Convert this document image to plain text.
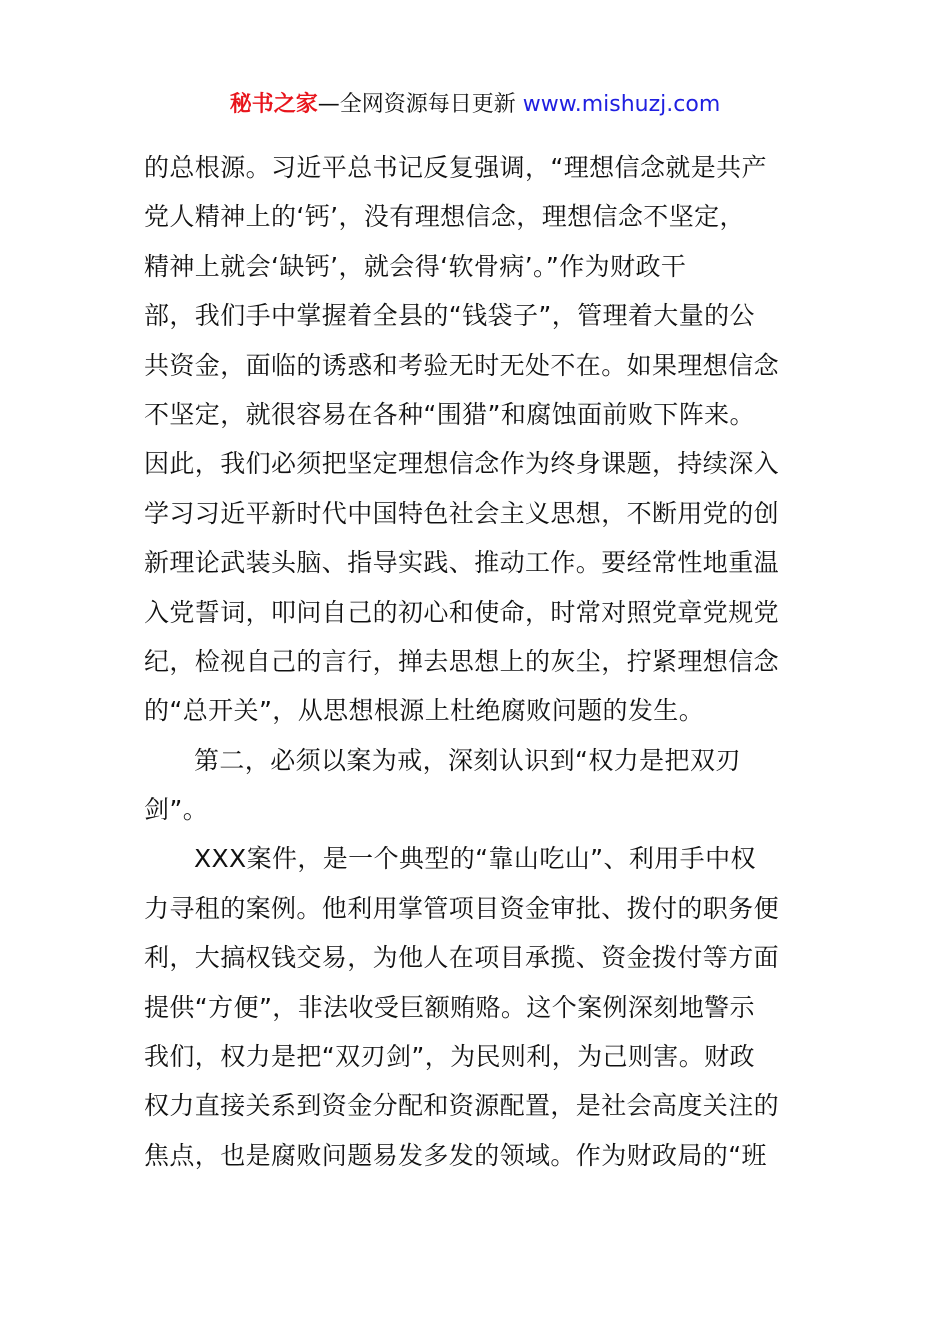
秘书之家—全网资源每日更新 www.mishuzj.com
的总根源。习近平总书记反复强调，“理想信念就是共产
党人精神上的‘钙’，没有理想信念，理想信念不坚定，
精神上就会‘缺钙’，就会得‘软骨病’。”作为财政干
部，我们手中掌握着全县的“钱袋子”，管理着大量的公
共资金，面临的诱惑和考验无时无处不在。如果理想信念
不坚定，就很容易在各种“围猎”和腐蚀面前败下阵来。
因此，我们必须把坚定理想信念作为终身课题，持续深入
学习习近平新时代中国特色社会主义思想，不断用党的创
新理论武装头脑、指导实践、推动工作。要经常性地重温
入党誓词，叩问自己的初心和使命，时常对照党章党规党
纪，检视自己的言行，掸去思想上的灰尘，拧紧理想信念
的“总开关”，从思想根源上杜绝腐败问题的发生。
第二，必须以案为戒，深刻认识到“权力是把双刃
剑”。
XXX案件，是一个典型的“靠山吃山”、利用手中权
力寻租的案例。他利用掌管项目资金审批、拨付的职务便
利，大搞权钱交易，为他人在项目承揽、资金拨付等方面
提供“方便”，非法收受巨额贿赂。这个案例深刻地警示
我们，权力是把“双刃剑”，为民则利，为己则害。财政
权力直接关系到资金分配和资源配置，是社会高度关注的
焦点，也是腐败问题易发多发的领域。作为财政局的“班
